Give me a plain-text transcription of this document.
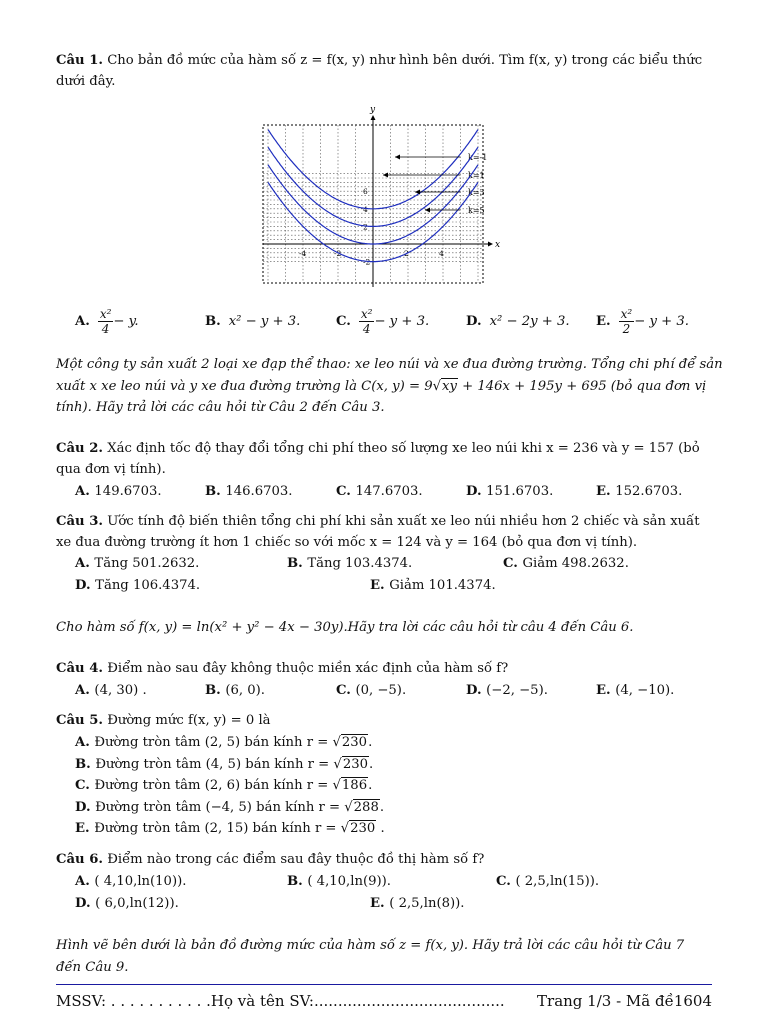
Câu 1. Cho bản đồ mức của hàm số z = f(x, y) như hình bên dưới. Tìm f(x, y) trong các biểu thức
dưới đây.
x
y
-4	-2	2	4
-2
2
4
6
k=-1
k=1
k=3
k=5
A. $\frac{\text{x²}}{4} - y$.	B. x² − y + 3.	C. $\frac{\text{x²}}{4} - y + 3$.	D. x² − 2y + 3. E. $\frac{\text{x²}}{2} - y + 3$.
Một công ty sản xuất 2 loại xe đạp thể thao: xe leo núi và xe đua đường trường. Tổng chi phí để sản
xuất x xe leo núi và y xe đua đường trường là C(x, y) = 9√xy + 146x + 195y + 695 (bỏ qua đơn vị
tính). Hãy trả lời các câu hỏi từ Câu 2 đến Câu 3.
Câu 2. Xác định tốc độ thay đổi tổng chi phí theo số lượng xe leo núi khi x = 236 và y = 157 (bỏ
qua đơn vị tính).
A. 149.6703.	B. 146.6703.	C. 147.6703.	D. 151.6703.	E. 152.6703.
Câu 3. Ước tính độ biến thiên tổng chi phí khi sản xuất xe leo núi nhiều hơn 2 chiếc và sản xuất
xe đua đường trường ít hơn 1 chiếc so với mốc x = 124 và y = 164 (bỏ qua đơn vị tính).
A. Tăng 501.2632.	B. Tăng 103.4374.	C. Giảm 498.2632.
D. Tăng 106.4374.	E. Giảm 101.4374.
Cho hàm số f(x, y) = ln(x² + y² − 4x − 30y).Hãy tra lời các câu hỏi từ câu 4 đến Câu 6.
Câu 4. Điểm nào sau đây không thuộc miền xác định của hàm số f?
A. (4, 30) .	B. (6, 0).	C. (0, −5).	D. (−2, −5).	E. (4, −10).
Câu 5. Đường mức f(x, y) = 0 là
A. Đường tròn tâm (2, 5) bán kính r = √230.
B. Đường tròn tâm (4, 5) bán kính r = √230.
C. Đường tròn tâm (2, 6) bán kính r = √186.
D. Đường tròn tâm (−4, 5) bán kính r = √288.
E. Đường tròn tâm (2, 15) bán kính r = √230 .
Câu 6. Điểm nào trong các điểm sau đây thuộc đồ thị hàm số f?
A. ( 4,10,ln(10)).	B. ( 4,10,ln(9)).	C. ( 2,5,ln(15)).
D. ( 6,0,ln(12)).	E. ( 2,5,ln(8)).
Hình vẽ bên dưới là bản đồ đường mức của hàm số z = f(x, y). Hãy trả lời các câu hỏi từ Câu 7
đến Câu 9.
MSSV: . . . . . . . . . . .Họ và tên SV:........................................ Trang 1/3 - Mã đề1604
